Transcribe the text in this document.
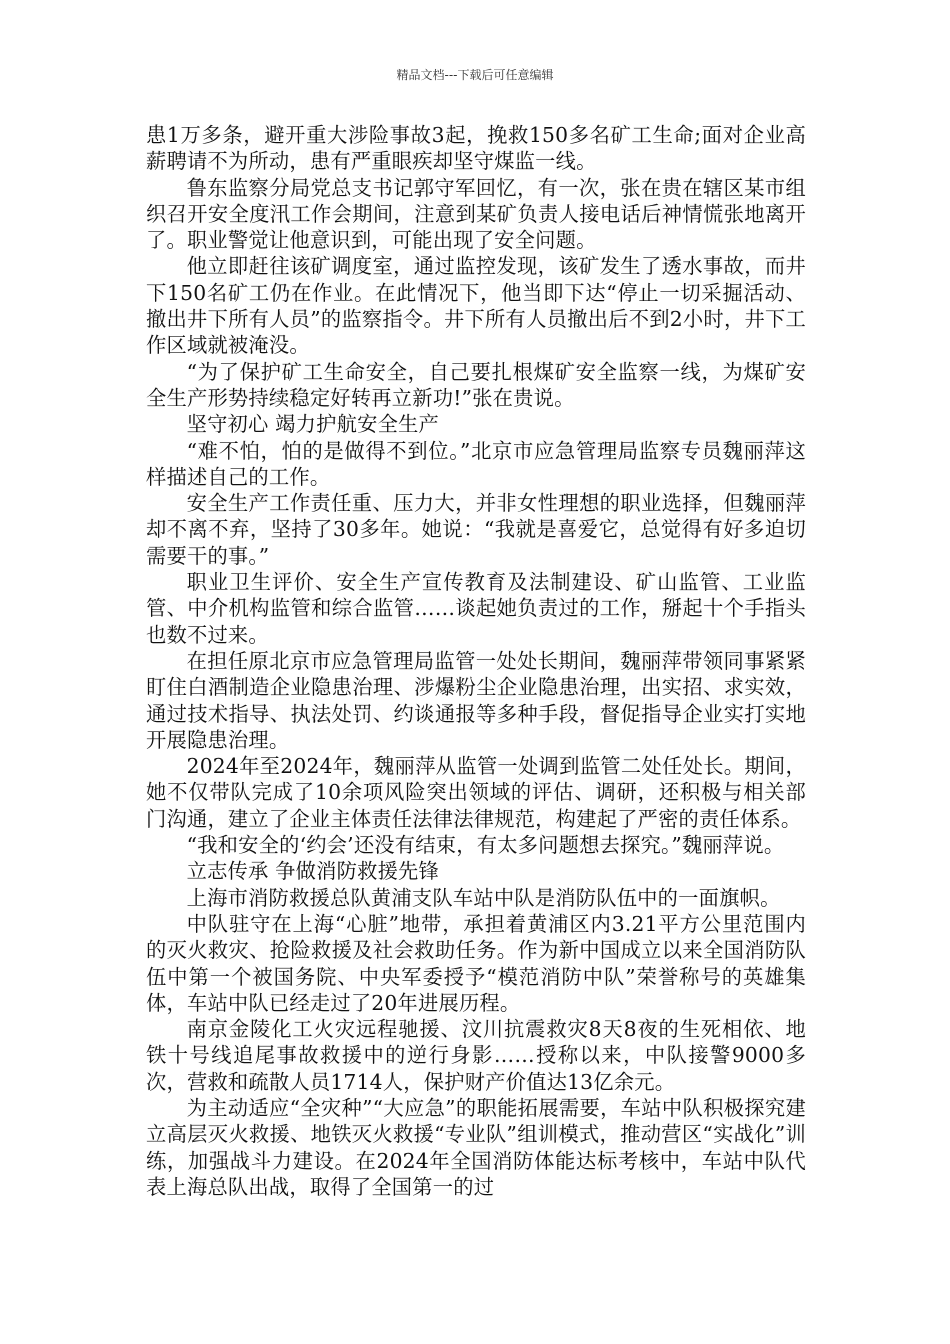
精品文档---下载后可任意编辑

患1万多条，避开重大涉险事故3起，挽救150多名矿工生命;面对企业高薪聘请不为所动，患有严重眼疾却坚守煤监一线。

鲁东监察分局党总支书记郭守军回忆，有一次，张在贵在辖区某市组织召开安全度汛工作会期间，注意到某矿负责人接电话后神情慌张地离开了。职业警觉让他意识到，可能出现了安全问题。

他立即赶往该矿调度室，通过监控发现，该矿发生了透水事故，而井下150名矿工仍在作业。在此情况下，他当即下达“停止一切采掘活动、撤出井下所有人员”的监察指令。井下所有人员撤出后不到2小时，井下工作区域就被淹没。

“为了保护矿工生命安全，自己要扎根煤矿安全监察一线，为煤矿安全生产形势持续稳定好转再立新功!”张在贵说。

坚守初心 竭力护航安全生产

“难不怕，怕的是做得不到位。”北京市应急管理局监察专员魏丽萍这样描述自己的工作。

安全生产工作责任重、压力大，并非女性理想的职业选择，但魏丽萍却不离不弃，坚持了30多年。她说：“我就是喜爱它，总觉得有好多迫切需要干的事。”

职业卫生评价、安全生产宣传教育及法制建设、矿山监管、工业监管、中介机构监管和综合监管……谈起她负责过的工作，掰起十个手指头也数不过来。

在担任原北京市应急管理局监管一处处长期间，魏丽萍带领同事紧紧盯住白酒制造企业隐患治理、涉爆粉尘企业隐患治理，出实招、求实效，通过技术指导、执法处罚、约谈通报等多种手段，督促指导企业实打实地开展隐患治理。

2024年至2024年，魏丽萍从监管一处调到监管二处任处长。期间，她不仅带队完成了10余项风险突出领域的评估、调研，还积极与相关部门沟通，建立了企业主体责任法律法律规范，构建起了严密的责任体系。

“我和安全的‘约会’还没有结束，有太多问题想去探究。”魏丽萍说。

立志传承 争做消防救援先锋

上海市消防救援总队黄浦支队车站中队是消防队伍中的一面旗帜。

中队驻守在上海“心脏”地带，承担着黄浦区内3.21平方公里范围内的灭火救灾、抢险救援及社会救助任务。作为新中国成立以来全国消防队伍中第一个被国务院、中央军委授予“模范消防中队”荣誉称号的英雄集体，车站中队已经走过了20年进展历程。

南京金陵化工火灾远程驰援、汶川抗震救灾8天8夜的生死相依、地铁十号线追尾事故救援中的逆行身影……授称以来，中队接警9000多次，营救和疏散人员1714人，保护财产价值达13亿余元。

为主动适应“全灾种”“大应急”的职能拓展需要，车站中队积极探究建立高层灭火救援、地铁灭火救援“专业队”组训模式，推动营区“实战化”训练，加强战斗力建设。在2024年全国消防体能达标考核中，车站中队代表上海总队出战，取得了全国第一的过
